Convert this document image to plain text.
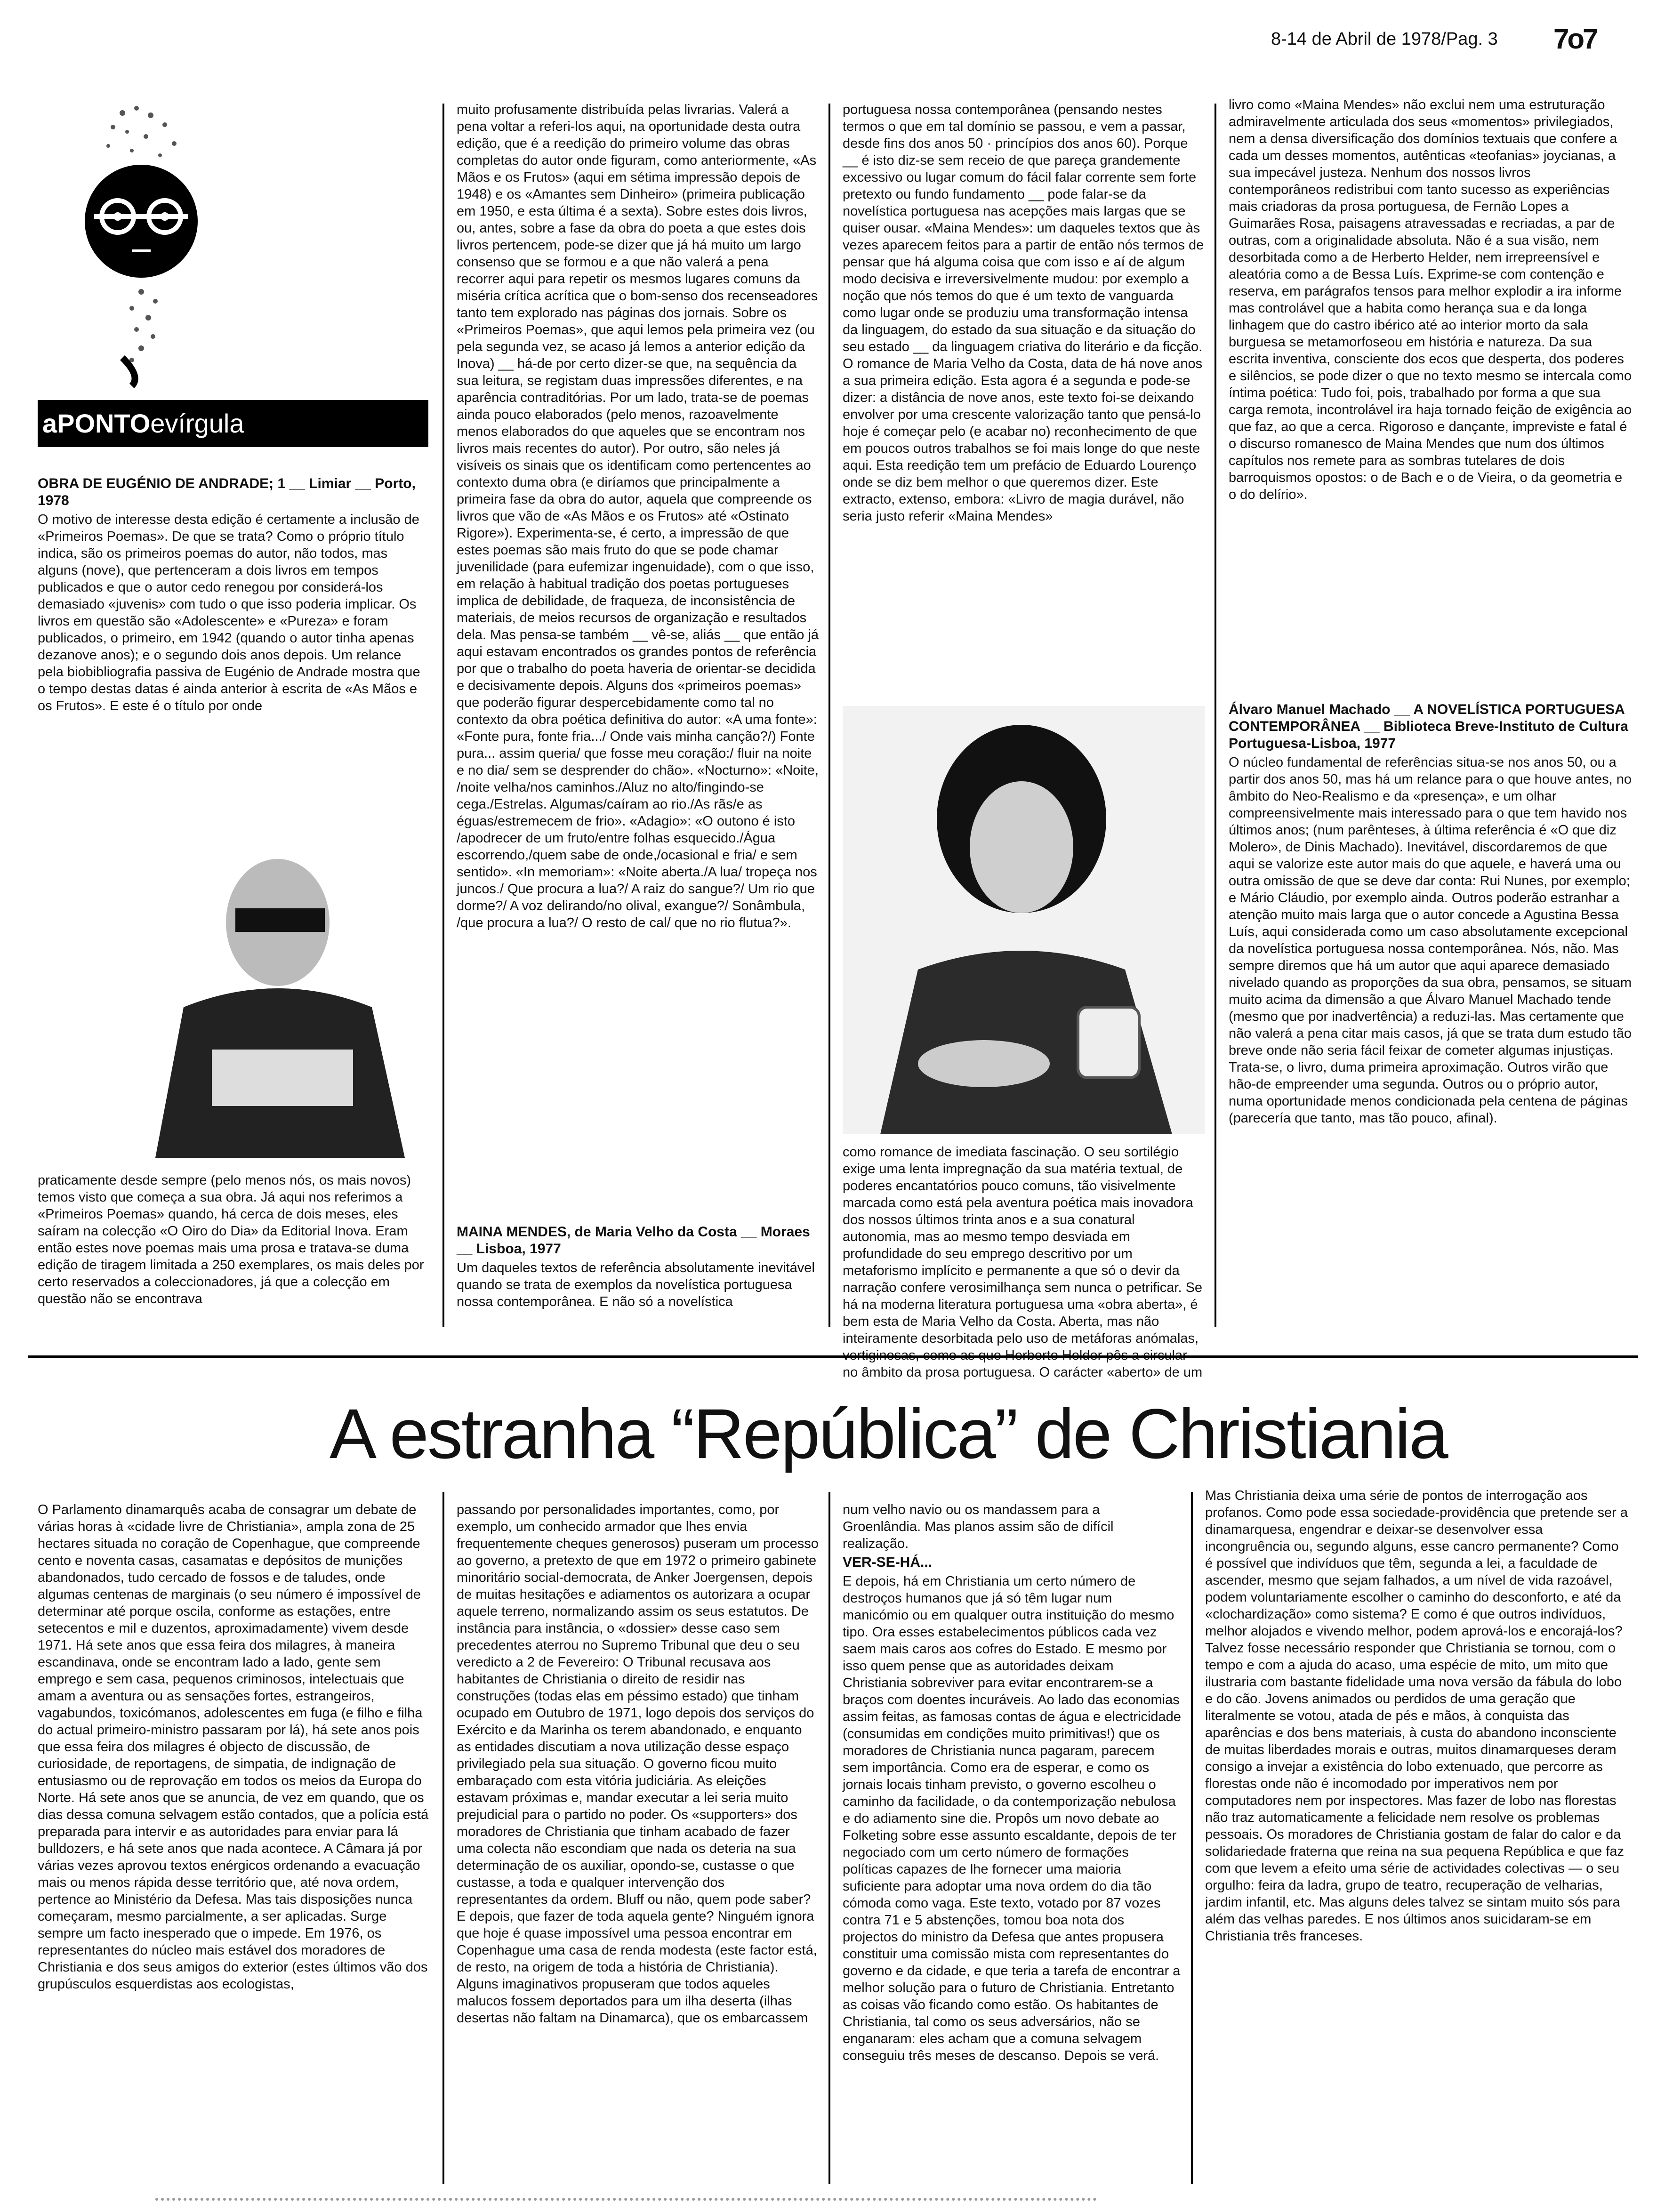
8-14 de Abril de 1978/Pag. 3 7o7
aPONTOevírgula

OBRA DE EUGÉNIO DE ANDRADE; 1 __ Limiar __ Porto, 1978

O motivo de interesse desta edição é certamente a inclusão de «Primeiros Poemas». De que se trata? Como o próprio título indica, são os primeiros poemas do autor, não todos, mas alguns (nove), que pertenceram a dois livros em tempos publicados e que o autor cedo renegou por considerá-los demasiado «juvenis» com tudo o que isso poderia implicar. Os livros em questão são «Adolescente» e «Pureza» e foram publicados, o primeiro, em 1942 (quando o autor tinha apenas dezanove anos); e o segundo dois anos depois. Um relance pela biobibliografia passiva de Eugénio de Andrade mostra que o tempo destas datas é ainda anterior à escrita de «As Mãos e os Frutos». E este é o título por onde

praticamente desde sempre (pelo menos nós, os mais novos) temos visto que começa a sua obra. Já aqui nos referimos a «Primeiros Poemas» quando, há cerca de dois meses, eles saíram na colecção «O Oiro do Dia» da Editorial Inova. Eram então estes nove poemas mais uma prosa e tratava-se duma edição de tiragem limitada a 250 exemplares, os mais deles por certo reservados a coleccionadores, já que a colecção em questão não se encontrava

muito profusamente distribuída pelas livrarias. Valerá a pena voltar a referi-los aqui, na oportunidade desta outra edição, que é a reedição do primeiro volume das obras completas do autor onde figuram, como anteriormente, «As Mãos e os Frutos» (aqui em sétima impressão depois de 1948) e os «Amantes sem Dinheiro» (primeira publicação em 1950, e esta última é a sexta). Sobre estes dois livros, ou, antes, sobre a fase da obra do poeta a que estes dois livros pertencem, pode-se dizer que já há muito um largo consenso que se formou e a que não valerá a pena recorrer aqui para repetir os mesmos lugares comuns da miséria crítica acrítica que o bom-senso dos recenseadores tanto tem explorado nas páginas dos jornais. Sobre os «Primeiros Poemas», que aqui lemos pela primeira vez (ou pela segunda vez, se acaso já lemos a anterior edição da Inova) __ há-de por certo dizer-se que, na sequência da sua leitura, se registam duas impressões diferentes, e na aparência contraditórias. Por um lado, trata-se de poemas ainda pouco elaborados (pelo menos, razoavelmente menos elaborados do que aqueles que se encontram nos livros mais recentes do autor). Por outro, são neles já visíveis os sinais que os identificam como pertencentes ao contexto duma obra (e diríamos que principalmente a primeira fase da obra do autor, aquela que compreende os livros que vão de «As Mãos e os Frutos» até «Ostinato Rigore»). Experimenta-se, é certo, a impressão de que estes poemas são mais fruto do que se pode chamar juvenilidade (para eufemizar ingenuidade), com o que isso, em relação à habitual tradição dos poetas portugueses implica de debilidade, de fraqueza, de inconsistência de materiais, de meios recursos de organização e resultados dela. Mas pensa-se também __ vê-se, aliás __ que então já aqui estavam encontrados os grandes pontos de referência por que o trabalho do poeta haveria de orientar-se decidida e decisivamente depois. Alguns dos «primeiros poemas» que poderão figurar despercebidamente como tal no contexto da obra poética definitiva do autor: «A uma fonte»: «Fonte pura, fonte fria.../ Onde vais minha canção?/) Fonte pura... assim queria/ que fosse meu coração:/ fluir na noite e no dia/ sem se desprender do chão». «Nocturno»: «Noite, /noite velha/nos caminhos./Aluz no alto/fingindo-se cega./Estrelas. Algumas/caíram ao rio./As rãs/e as éguas/estremecem de frio». «Adagio»: «O outono é isto /apodrecer de um fruto/entre folhas esquecido./Água escorrendo,/quem sabe de onde,/ocasional e fria/ e sem sentido». «In memoriam»: «Noite aberta./A lua/ tropeça nos juncos./ Que procura a lua?/ A raiz do sangue?/ Um rio que dorme?/ A voz delirando/no olival, exangue?/ Sonâmbula, /que procura a lua?/ O resto de cal/ que no rio flutua?».

MAINA MENDES, de Maria Velho da Costa __ Moraes __ Lisboa, 1977

Um daqueles textos de referência absolutamente inevitável quando se trata de exemplos da novelística portuguesa nossa contemporânea. E não só a novelística

portuguesa nossa contemporânea (pensando nestes termos o que em tal domínio se passou, e vem a passar, desde fins dos anos 50 · princípios dos anos 60). Porque __ é isto diz-se sem receio de que pareça grandemente excessivo ou lugar comum do fácil falar corrente sem forte pretexto ou fundo fundamento __ pode falar-se da novelística portuguesa nas acepções mais largas que se quiser ousar. «Maina Mendes»: um daqueles textos que às vezes aparecem feitos para a partir de então nós termos de pensar que há alguma coisa que com isso e aí de algum modo decisiva e irreversivelmente mudou: por exemplo a noção que nós temos do que é um texto de vanguarda como lugar onde se produziu uma transformação intensa da linguagem, do estado da sua situação e da situação do seu estado __ da linguagem criativa do literário e da ficção. O romance de Maria Velho da Costa, data de há nove anos a sua primeira edição. Esta agora é a segunda e pode-se dizer: a distância de nove anos, este texto foi-se deixando envolver por uma crescente valorização tanto que pensá-lo hoje é começar pelo (e acabar no) reconhecimento de que em poucos outros trabalhos se foi mais longe do que neste aqui. Esta reedição tem um prefácio de Eduardo Lourenço onde se diz bem melhor o que queremos dizer. Este extracto, extenso, embora: «Livro de magia durável, não seria justo referir «Maina Mendes»

como romance de imediata fascinação. O seu sortilégio exige uma lenta impregnação da sua matéria textual, de poderes encantatórios pouco comuns, tão visivelmente marcada como está pela aventura poética mais inovadora dos nossos últimos trinta anos e a sua conatural autonomia, mas ao mesmo tempo desviada em profundidade do seu emprego descritivo por um metaforismo implícito e permanente a que só o devir da narração confere verosimilhança sem nunca o petrificar. Se há na moderna literatura portuguesa uma «obra aberta», é bem esta de Maria Velho da Costa. Aberta, mas não inteiramente desorbitada pelo uso de metáforas anómalas, no âmbito da prosa portuguesa. O carácter «aberto» de um

livro como «Maina Mendes» não exclui nem uma estruturação admiravelmente articulada dos seus «momentos» privilegiados, nem a densa diversificação dos domínios textuais que confere a cada um desses momentos, autênticas «teofanias» joycianas, a sua impecável justeza. Nenhum dos nossos livros contemporâneos redistribui com tanto sucesso as experiências mais criadoras da prosa portuguesa, de Fernão Lopes a Guimarães Rosa, paisagens atravessadas e recriadas, a par de outras, com a originalidade absoluta. Não é a sua visão, nem desorbitada como a de Herberto Helder, nem irrepreensível e aleatória como a de Bessa Luís. Exprime-se com contenção e reserva, em parágrafos tensos para melhor explodir a ira informe mas controlável que a habita como herança sua e da longa linhagem que do castro ibérico até ao interior morto da sala burguesa se metamorfoseou em história e natureza. Da sua escrita inventiva, consciente dos ecos que desperta, dos poderes e silêncios, se pode dizer o que no texto mesmo se intercala como íntima poética: Tudo foi, pois, trabalhado por forma a que sua carga remota, incontrolável ira haja tornado feição de exigência ao que faz, ao que a cerca. Rigoroso e dançante, impreviste e fatal é o discurso romanesco de Maina Mendes que num dos últimos capítulos nos remete para as sombras tutelares de dois barroquismos opostos: o de Bach e o de Vieira, o da geometria e o do delírio».

Álvaro Manuel Machado __ A NOVELÍSTICA PORTUGUESA CONTEMPORÂNEA __ Biblioteca Breve-Instituto de Cultura Portuguesa-Lisboa, 1977

O núcleo fundamental de referências situa-se nos anos 50, ou a partir dos anos 50, mas há um relance para o que houve antes, no âmbito do Neo-Realismo e da «presença», e um olhar compreensivelmente mais interessado para o que tem havido nos últimos anos; (num parênteses, à última referência é «O que diz Molero», de Dinis Machado). Inevitável, discordaremos de que aqui se valorize este autor mais do que aquele, e haverá uma ou outra omissão de que se deve dar conta: Rui Nunes, por exemplo; e Mário Cláudio, por exemplo ainda. Outros poderão estranhar a atenção muito mais larga que o autor concede a Agustina Bessa Luís, aqui considerada como um caso absolutamente excepcional da novelística portuguesa nossa contemporânea. Nós, não. Mas sempre diremos que há um autor que aqui aparece demasiado nivelado quando as proporções da sua obra, pensamos, se situam muito acima da dimensão a que Álvaro Manuel Machado tende (mesmo que por inadvertência) a reduzi-las. Mas certamente que não valerá a pena citar mais casos, já que se trata dum estudo tão breve onde não seria fácil feixar de cometer algumas injustiças. Trata-se, o livro, duma primeira aproximação. Outros virão que hão-de empreender uma segunda. Outros ou o próprio autor, numa oportunidade menos condicionada pela centena de páginas (parecería que tanto, mas tão pouco, afinal).

A estranha “República” de Christiania

O Parlamento dinamarquês acaba de consagrar um debate de várias horas à «cidade livre de Christiania», ampla zona de 25 hectares situada no coração de Copenhague, que compreende cento e noventa casas, casamatas e depósitos de munições abandonados, tudo cercado de fossos e de taludes, onde algumas centenas de marginais (o seu número é impossível de determinar até porque oscila, conforme as estações, entre setecentos e mil e duzentos, aproximadamente) vivem desde 1971. Há sete anos que essa feira dos milagres, à maneira escandinava, onde se encontram lado a lado, gente sem emprego e sem casa, pequenos criminosos, intelectuais que amam a aventura ou as sensações fortes, estrangeiros, vagabundos, toxicómanos, adolescentes em fuga (e filho e filha do actual primeiro-ministro passaram por lá), há sete anos pois que essa feira dos milagres é objecto de discussão, de curiosidade, de reportagens, de simpatia, de indignação de entusiasmo ou de reprovação em todos os meios da Europa do Norte. Há sete anos que se anuncia, de vez em quando, que os dias dessa comuna selvagem estão contados, que a polícia está preparada para intervir e as autoridades para enviar para lá bulldozers, e há sete anos que nada acontece. A Câmara já por várias vezes aprovou textos enérgicos ordenando a evacuação mais ou menos rápida desse território que, até nova ordem, pertence ao Ministério da Defesa. Mas tais disposições nunca começaram, mesmo parcialmente, a ser aplicadas. Surge sempre um facto inesperado que o impede. Em 1976, os representantes do núcleo mais estável dos moradores de Christiania e dos seus amigos do exterior (estes últimos vão dos grupúsculos esquerdistas aos ecologistas,

passando por personalidades importantes, como, por exemplo, um conhecido armador que lhes envia frequentemente cheques generosos) puseram um processo ao governo, a pretexto de que em 1972 o primeiro gabinete minoritário social-democrata, de Anker Joergensen, depois de muitas hesitações e adiamentos os autorizara a ocupar aquele terreno, normalizando assim os seus estatutos. De instância para instância, o «dossier» desse caso sem precedentes aterrou no Supremo Tribunal que deu o seu veredicto a 2 de Fevereiro: O Tribunal recusava aos habitantes de Christiania o direito de residir nas construções (todas elas em péssimo estado) que tinham ocupado em Outubro de 1971, logo depois dos serviços do Exército e da Marinha os terem abandonado, e enquanto as entidades discutiam a nova utilização desse espaço privilegiado pela sua situação. O governo ficou muito embaraçado com esta vitória judiciária. As eleições estavam próximas e, mandar executar a lei seria muito prejudicial para o partido no poder. Os «supporters» dos moradores de Christiania que tinham acabado de fazer uma colecta não escondiam que nada os deteria na sua determinação de os auxiliar, opondo-se, custasse o que custasse, a toda e qualquer intervenção dos representantes da ordem. Bluff ou não, quem pode saber? E depois, que fazer de toda aquela gente? Ninguém ignora que hoje é quase impossível uma pessoa encontrar em Copenhague uma casa de renda modesta (este factor está, de resto, na origem de toda a história de Christiania). Alguns imaginativos propuseram que todos aqueles malucos fossem deportados para um ilha deserta (ilhas desertas não faltam na Dinamarca), que os embarcassem

num velho navio ou os mandassem para a Groenlândia. Mas planos assim são de difícil realização.

VER-SE-HÁ...

E depois, há em Christiania um certo número de destroços humanos que já só têm lugar num manicómio ou em qualquer outra instituição do mesmo tipo. Ora esses estabelecimentos públicos cada vez saem mais caros aos cofres do Estado. E mesmo por isso quem pense que as autoridades deixam Christiania sobreviver para evitar encontrarem-se a braços com doentes incuráveis. Ao lado das economias assim feitas, as famosas contas de água e electricidade (consumidas em condições muito primitivas!) que os moradores de Christiania nunca pagaram, parecem sem importância. Como era de esperar, e como os jornais locais tinham previsto, o governo escolheu o caminho da facilidade, o da contemporização nebulosa e do adiamento sine die. Propôs um novo debate ao Folketing sobre esse assunto escaldante, depois de ter negociado com um certo número de formações políticas capazes de lhe fornecer uma maioria suficiente para adoptar uma nova ordem do dia tão cómoda como vaga. Este texto, votado por 87 vozes contra 71 e 5 abstenções, tomou boa nota dos projectos do ministro da Defesa que antes propusera constituir uma comissão mista com representantes do governo e da cidade, e que teria a tarefa de encontrar a melhor solução para o futuro de Christiania. Entretanto as coisas vão ficando como estão. Os habitantes de Christiania, tal como os seus adversários, não se enganaram: eles acham que a comuna selvagem conseguiu três meses de descanso. Depois se verá.

Mas Christiania deixa uma série de pontos de interrogação aos profanos. Como pode essa sociedade-providência que pretende ser a dinamarquesa, engendrar e deixar-se desenvolver essa incongruência ou, segundo alguns, esse cancro permanente? Como é possível que indivíduos que têm, segunda a lei, a faculdade de ascender, mesmo que sejam falhados, a um nível de vida razoável, podem voluntariamente escolher o caminho do desconforto, e até da «clochardização» como sistema? E como é que outros indivíduos, melhor alojados e vivendo melhor, podem aprová-los e encorajá-los? Talvez fosse necessário responder que Christiania se tornou, com o tempo e com a ajuda do acaso, uma espécie de mito, um mito que ilustraria com bastante fidelidade uma nova versão da fábula do lobo e do cão. Jovens animados ou perdidos de uma geração que literalmente se votou, atada de pés e mãos, à conquista das aparências e dos bens materiais, à custa do abandono inconsciente de muitas liberdades morais e outras, muitos dinamarqueses deram consigo a invejar a existência do lobo extenuado, que percorre as florestas onde não é incomodado por imperativos nem por computadores nem por inspectores. Mas fazer de lobo nas florestas não traz automaticamente a felicidade nem resolve os problemas pessoais. Os moradores de Christiania gostam de falar do calor e da solidariedade fraterna que reina na sua pequena República e que faz com que levem a efeito uma série de actividades colectivas — o seu orgulho: feira da ladra, grupo de teatro, recuperação de velharias, jardim infantil, etc. Mas alguns deles talvez se sintam muito sós para além das velhas paredes. E nos últimos anos suicidaram-se em Christiania três franceses.
